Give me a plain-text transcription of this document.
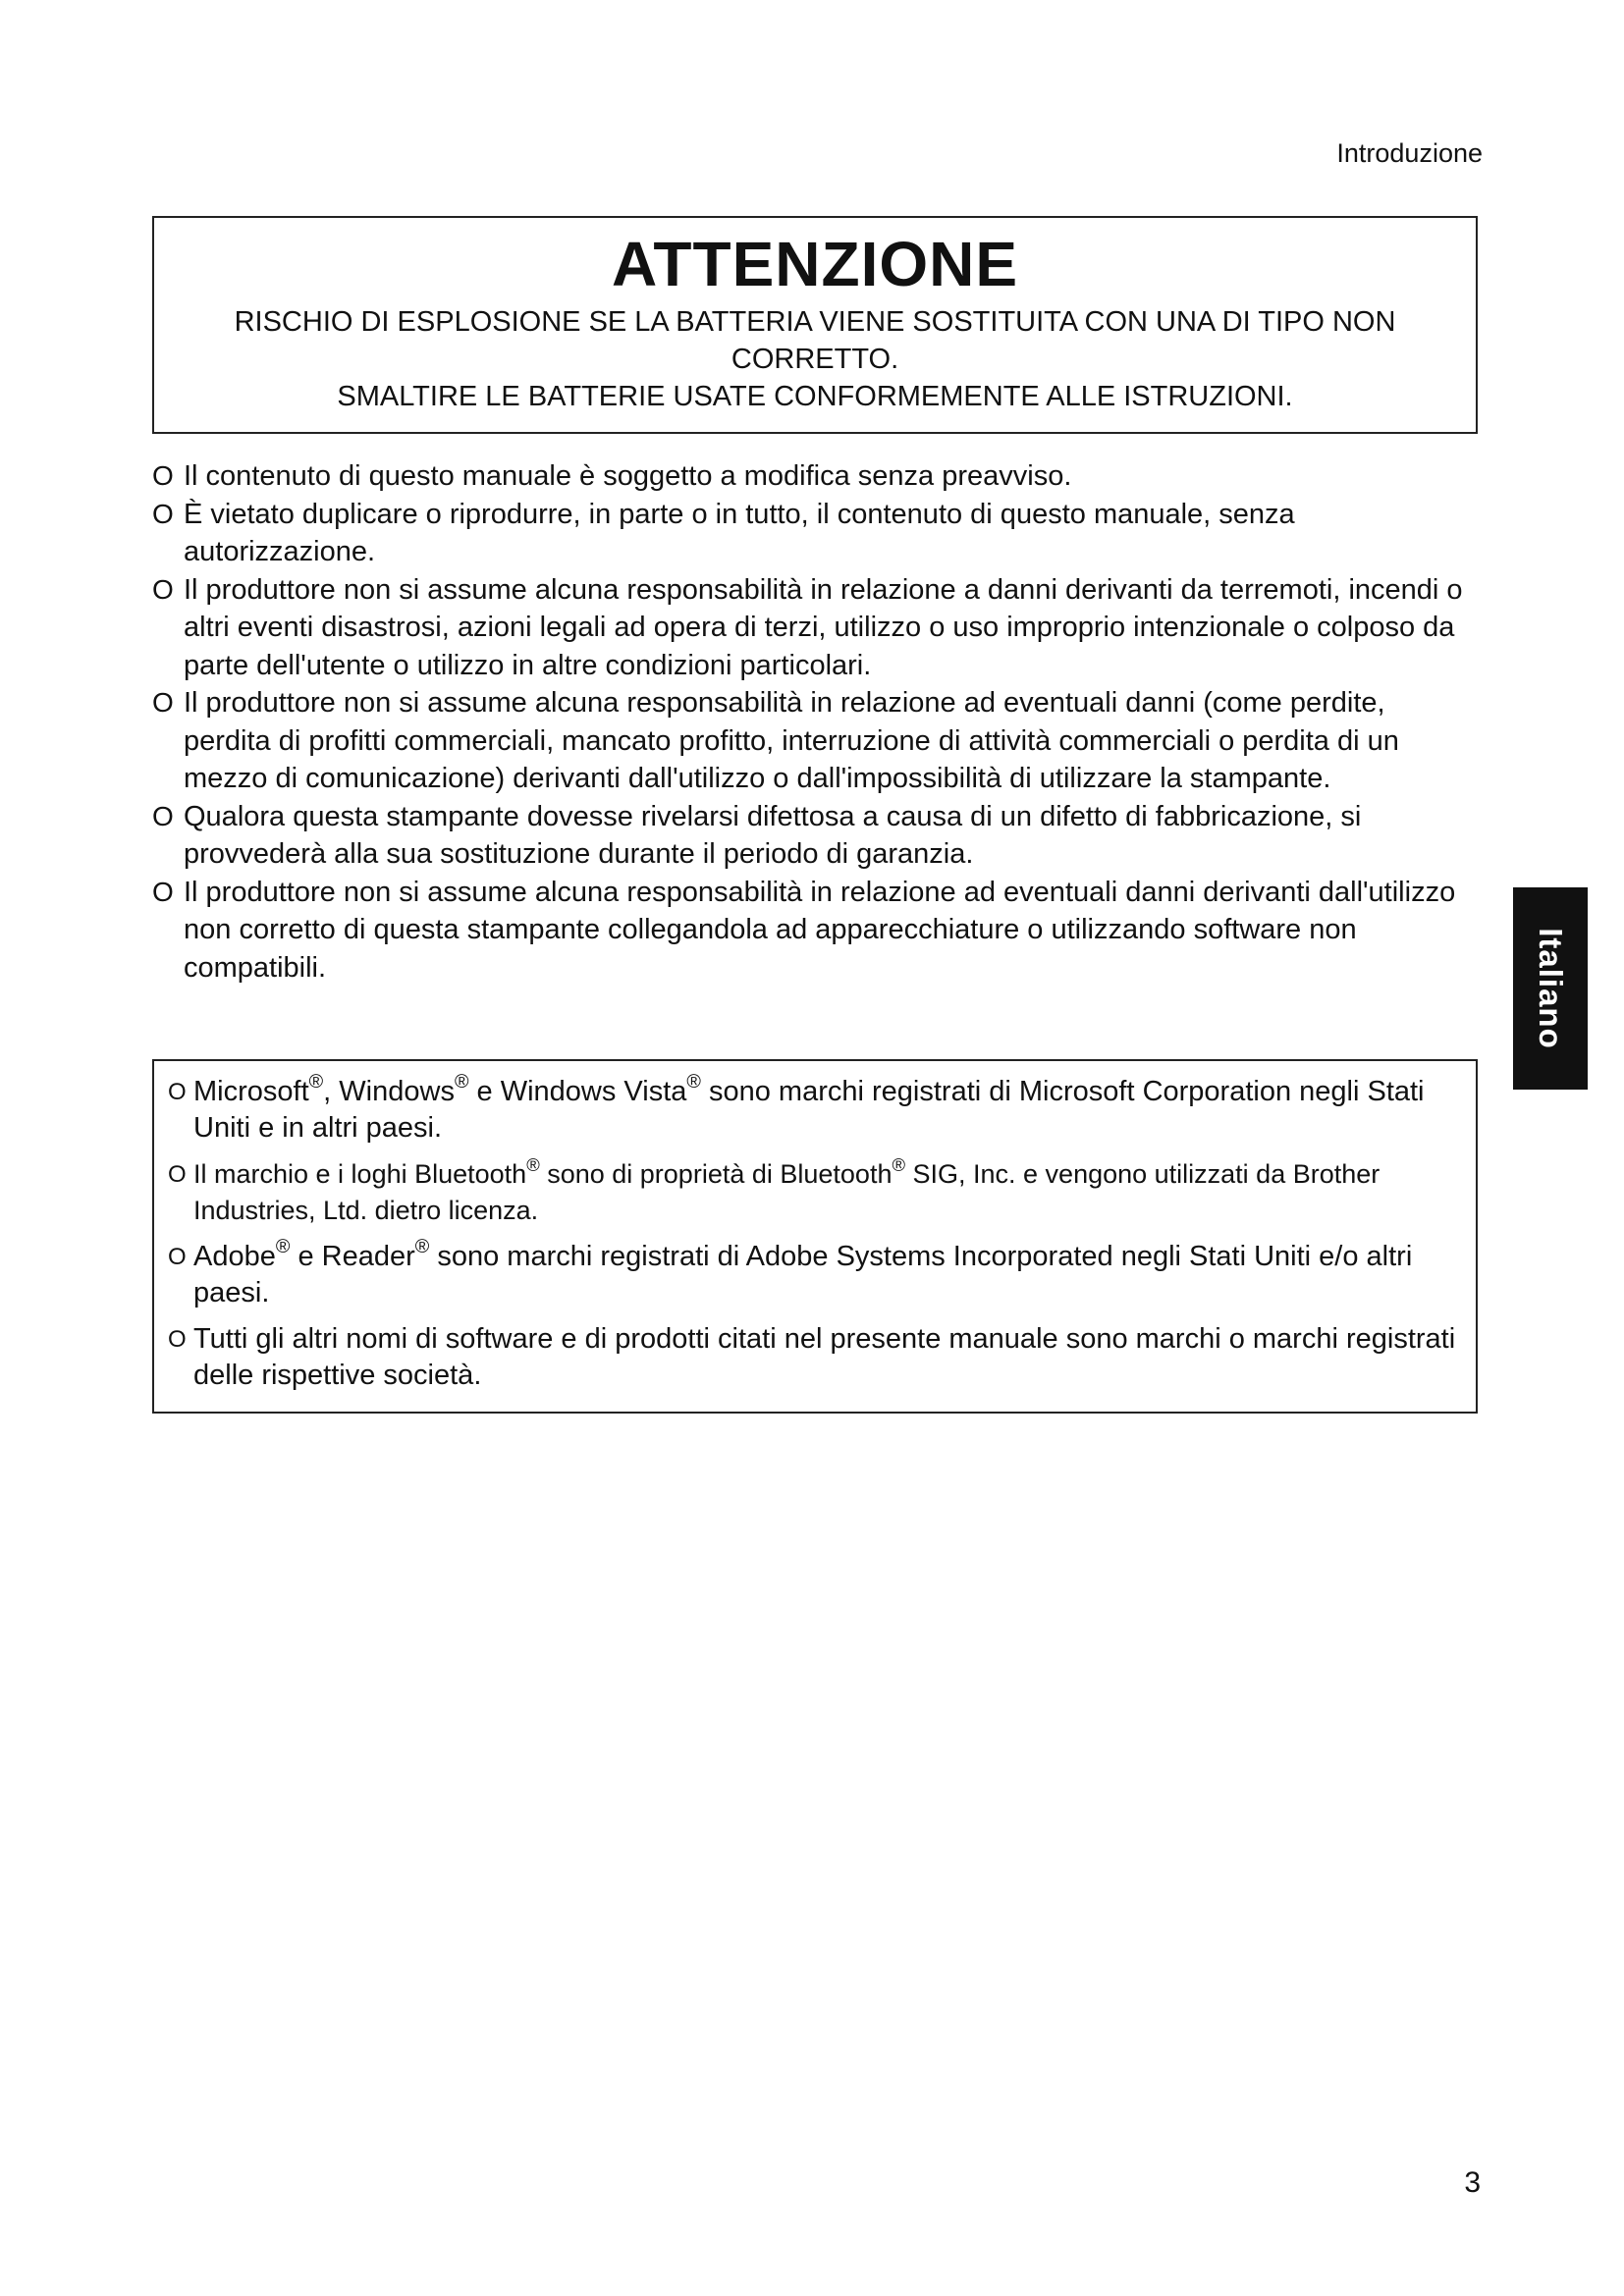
Introduzione
ATTENZIONE
RISCHIO DI ESPLOSIONE SE LA BATTERIA VIENE SOSTITUITA CON UNA DI TIPO NON CORRETTO.
SMALTIRE LE BATTERIE USATE CONFORMEMENTE ALLE ISTRUZIONI.
O Il contenuto di questo manuale è soggetto a modifica senza preavviso.
O È vietato duplicare o riprodurre, in parte o in tutto, il contenuto di questo manuale, senza autorizzazione.
O Il produttore non si assume alcuna responsabilità in relazione a danni derivanti da terremoti, incendi o altri eventi disastrosi, azioni legali ad opera di terzi, utilizzo o uso improprio intenzionale o colposo da parte dell'utente o utilizzo in altre condizioni particolari.
O Il produttore non si assume alcuna responsabilità in relazione ad eventuali danni (come perdite, perdita di profitti commerciali, mancato profitto, interruzione di attività commerciali o perdita di un mezzo di comunicazione) derivanti dall'utilizzo o dall'impossibilità di utilizzare la stampante.
O Qualora questa stampante dovesse rivelarsi difettosa a causa di un difetto di fabbricazione, si provvederà alla sua sostituzione durante il periodo di garanzia.
O Il produttore non si assume alcuna responsabilità in relazione ad eventuali danni derivanti dall'utilizzo non corretto di questa stampante collegandola ad apparecchiature o utilizzando software non compatibili.
O Microsoft®, Windows® e Windows Vista® sono marchi registrati di Microsoft Corporation negli Stati Uniti e in altri paesi.
O Il marchio e i loghi Bluetooth® sono di proprietà di Bluetooth® SIG, Inc. e vengono utilizzati da Brother Industries, Ltd. dietro licenza.
O Adobe® e Reader® sono marchi registrati di Adobe Systems Incorporated negli Stati Uniti e/o altri paesi.
O Tutti gli altri nomi di software e di prodotti citati nel presente manuale sono marchi o marchi registrati delle rispettive società.
Italiano
3
